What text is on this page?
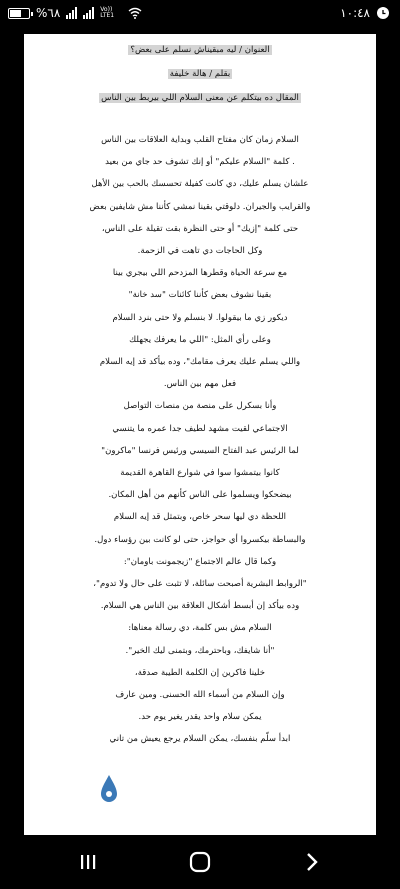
%٦٨	Vo)) LTE1	١٠:٤٨
العنوان / ليه مبقيناش نسلم على بعض؟
بقلم / هالة خليفة
المقال ده بيتكلم عن معنى السلام اللي بيربط بين الناس
السلام زمان كان مفتاح القلب وبداية العلاقات بين الناس
. كلمة "السلام عليكم" أو إنك تشوف حد جاي من بعيد
علشان يسلم عليك، دي كانت كفيلة تحسسك بالحب بين الأهل
والقرايب والجيران. دلوقتي بقينا نمشي كأننا مش شايفين بعض
حتى كلمة "إزيك" أو حتى النظرة بقت تقيلة على الناس،
وكل الحاجات دي تاهت في الزحمة.
مع سرعة الحياة وقطرها المزدحم اللي بيجري بينا
بقينا نشوف بعض كأننا كائنات "سد خانة"
ديكور زي ما بيقولوا. لا بنسلم ولا حتى بنرد السلام
وعلى رأي المثل: "اللي ما يعرفك يجهلك
واللي يسلم عليك يعرف مقامك"، وده بيأكد قد إيه السلام
فعل مهم بين الناس.
وأنا بسكرل على منصة من منصات التواصل
الاجتماعي لقيت مشهد لطيف جدا عمره ما يتنسي
لما الرئيس عبد الفتاح السيسي ورئيس فرنسا "ماكرون"
كانوا بيتمشوا سوا في شوارع القاهرة القديمة
بيضحكوا ويسلموا على الناس كأنهم من أهل المكان.
اللحظة دي ليها سحر خاص، وبتمثل قد إيه السلام
والبساطة بيكسروا أي حواجز، حتى لو كانت بين رؤساء دول.
وكما قال عالم الاجتماع "زيجمونت باومان":
"الروابط البشرية أصبحت سائلة، لا تثبت على حال ولا تدوم"،
وده بيأكد إن أبسط أشكال العلاقة بين الناس هي السلام.
السلام مش بس كلمة، دي رسالة معناها:
"أنا شايفك، وباحترمك، وبتمنى ليك الخير".
خلينا فاكرين إن الكلمة الطيبة صدقة،
وإن السلام من أسماء الله الحسنى. ومين عارف
يمكن سلام واحد يقدر يغير يوم حد.
ابدأ سلّم بنفسك، يمكن السلام يرجع يعيش من تاني
